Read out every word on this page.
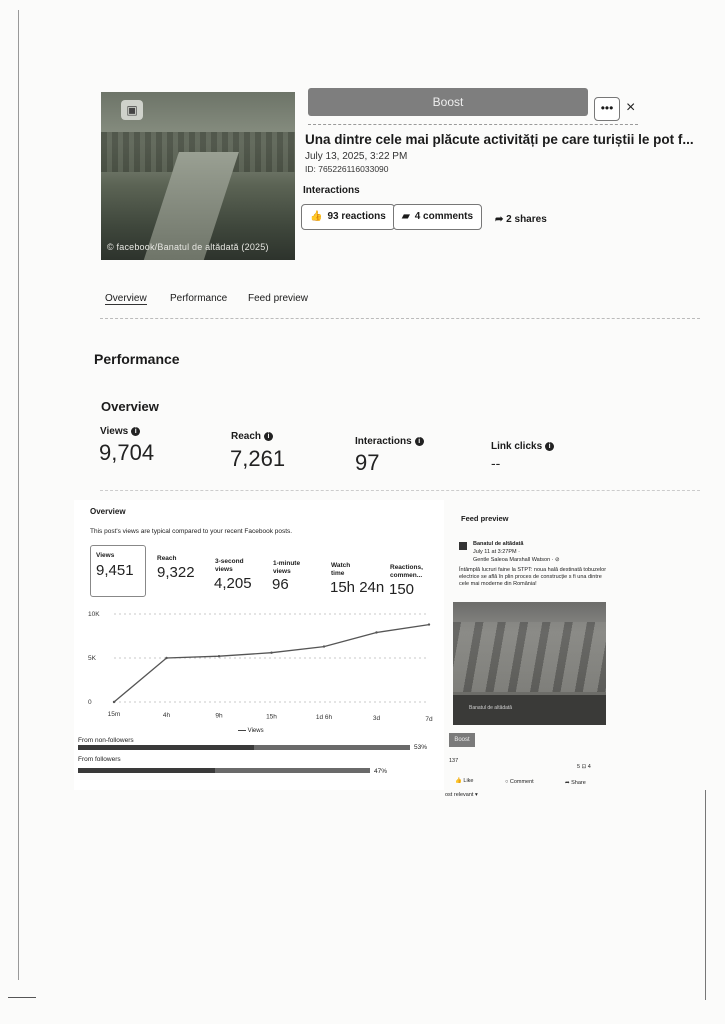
▣
© facebook/Banatul de altădată (2025)
Boost	••• ×
Una dintre cele mai plăcute activități pe care turiștii le pot f...
July 13, 2025, 3:22 PM
ID: 765226116033090
Interactions
👍 93 reactions	▰ 4 comments	➦ 2 shares
Overview Performance Feed preview
Performance
Overview
Views i
9,704
Reach i
7,261
Interactions i
97
Link clicks i
--
Overview
This post's views are typical compared to your recent Facebook posts.
Views
9,451
Reach
9,322
3-second views
4,205
1-minute views
96
Watch time
15h 24n
Reactions, commen...
150
0
5K
10K
15m	4h	9h	15h	1d 6h	3d	7d
Views
From non-followers
53%
From followers
47%
Feed preview
Banatul de altădată
July 11 at 3:27PM ·
Gentle Saleoa Marshall Watson · ⊘
Întâmplă lucruri faine la STPT: noua hală destinată tobuzelor electrice se află în plin proces de construcție s fi una dintre cele mai moderne din România!
Banatul de altădată
Boost
137
5 ⊡ 4
👍 Like	○ Comment	➦ Share
ost relevant ▾
